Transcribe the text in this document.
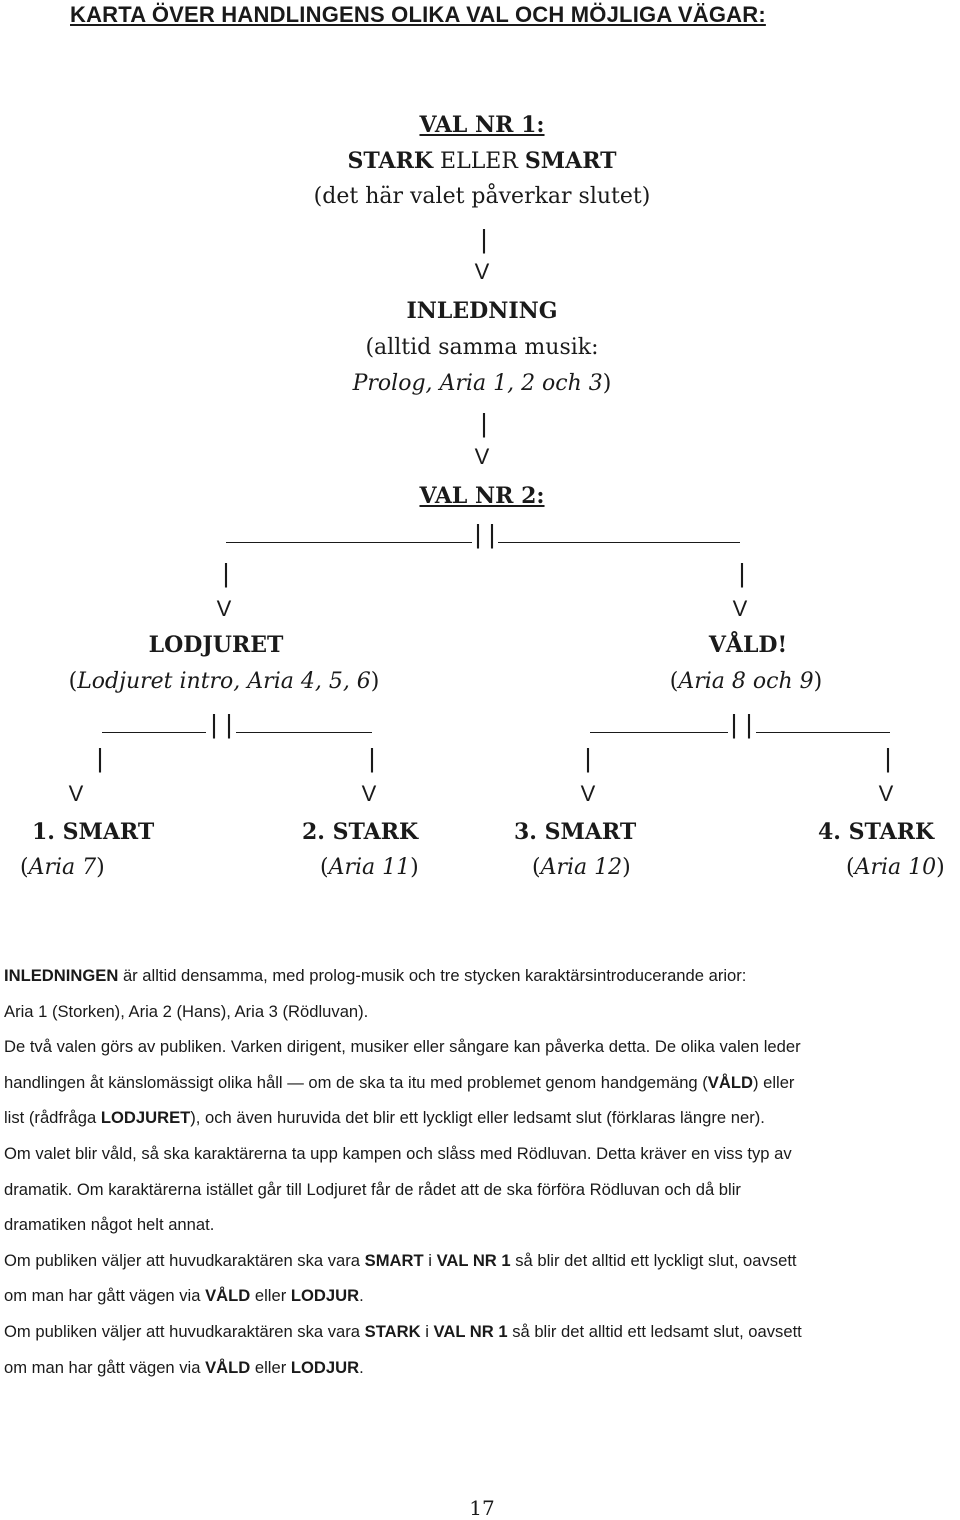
KARTA ÖVER HANDLINGENS OLIKA VAL OCH MÖJLIGA VÄGAR:
VAL NR 1:
STARK ELLER SMART
(det här valet påverkar slutet)
|
V
INLEDNING
(alltid samma musik:
Prolog, Aria 1, 2 och 3)
|
V
VAL NR 2:
| |
|	|
V	V
LODJURET
(Lodjuret intro, Aria 4, 5, 6)
VÅLD!
(Aria 8 och 9)
| |	| |
|	|	|	|
V	V	V	V
1. SMART	2. STARK	3. SMART	4. STARK
(Aria 7)	(Aria 11)	(Aria 12)	(Aria 10)
INLEDNINGEN är alltid densamma, med prolog-musik och tre stycken karaktärsintroducerande arior:
Aria 1 (Storken), Aria 2 (Hans), Aria 3 (Rödluvan).
De två valen görs av publiken. Varken dirigent, musiker eller sångare kan påverka detta. De olika valen leder
handlingen åt känslomässigt olika håll — om de ska ta itu med problemet genom handgemäng (VÅLD) eller
list (rådfråga LODJURET), och även huruvida det blir ett lyckligt eller ledsamt slut (förklaras längre ner).
Om valet blir våld, så ska karaktärerna ta upp kampen och slåss med Rödluvan. Detta kräver en viss typ av
dramatik. Om karaktärerna istället går till Lodjuret får de rådet att de ska förföra Rödluvan och då blir
dramatiken något helt annat.
Om publiken väljer att huvudkaraktären ska vara SMART i VAL NR 1 så blir det alltid ett lyckligt slut, oavsett
om man har gått vägen via VÅLD eller LODJUR.
Om publiken väljer att huvudkaraktären ska vara STARK i VAL NR 1 så blir det alltid ett ledsamt slut, oavsett
om man har gått vägen via VÅLD eller LODJUR.
17
